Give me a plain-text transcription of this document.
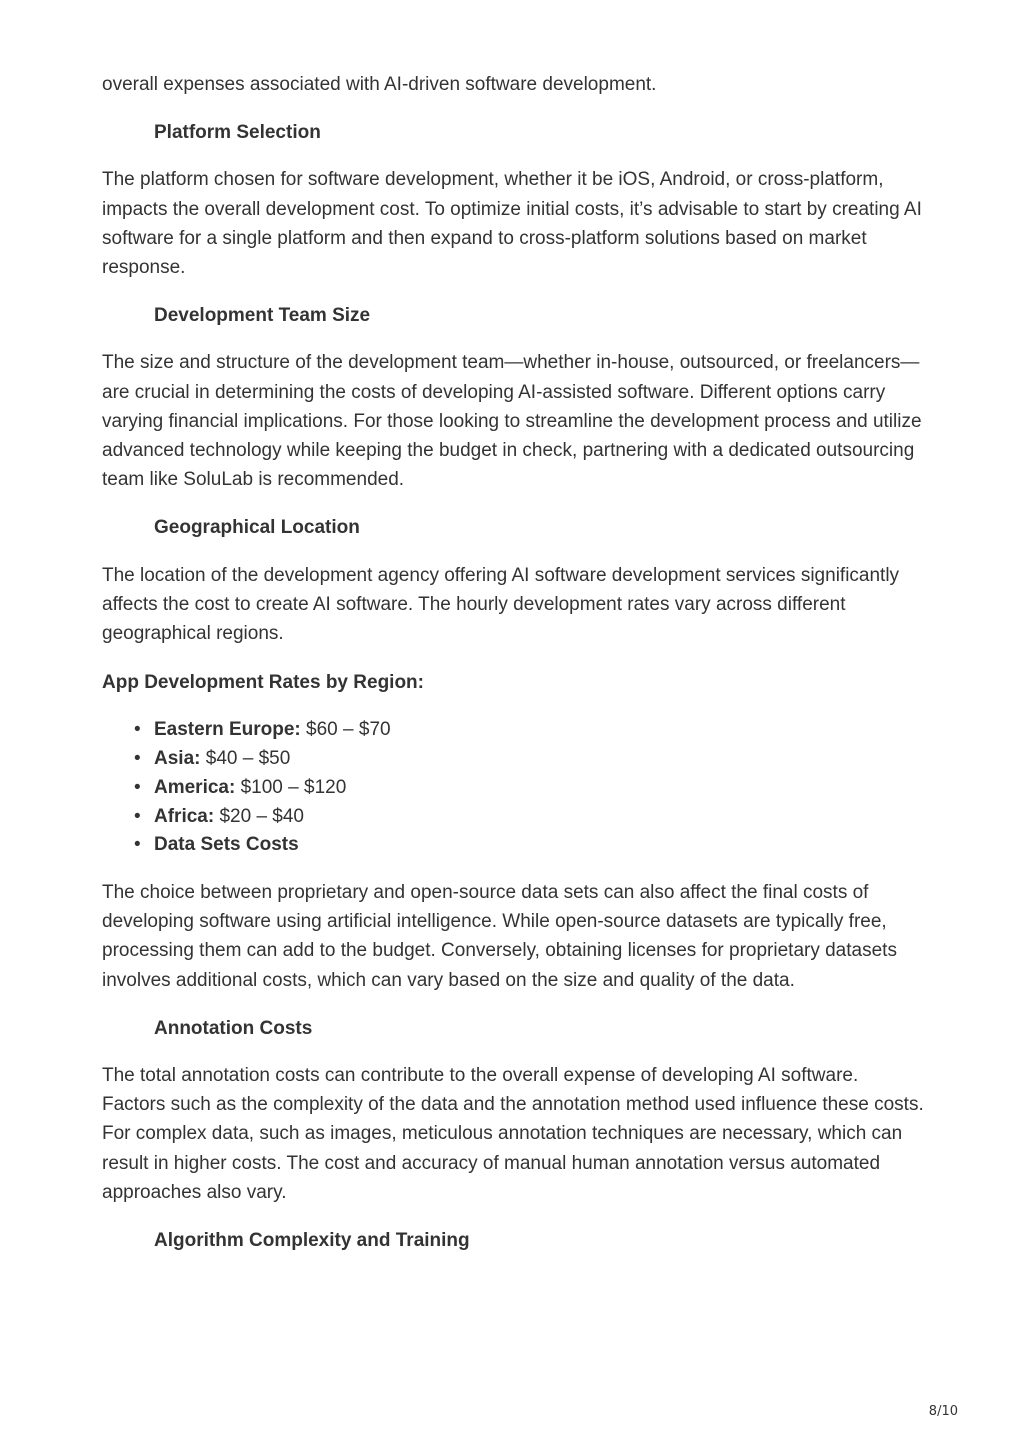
overall expenses associated with AI-driven software development.

Platform Selection

The platform chosen for software development, whether it be iOS, Android, or cross-platform, impacts the overall development cost. To optimize initial costs, it’s advisable to start by creating AI software for a single platform and then expand to cross-platform solutions based on market response.

Development Team Size

The size and structure of the development team—whether in-house, outsourced, or freelancers—are crucial in determining the costs of developing AI-assisted software. Different options carry varying financial implications. For those looking to streamline the development process and utilize advanced technology while keeping the budget in check, partnering with a dedicated outsourcing team like SoluLab is recommended.

Geographical Location

The location of the development agency offering AI software development services significantly affects the cost to create AI software. The hourly development rates vary across different geographical regions.

App Development Rates by Region:

• Eastern Europe: $60 – $70
• Asia: $40 – $50
• America: $100 – $120
• Africa: $20 – $40
• Data Sets Costs

The choice between proprietary and open-source data sets can also affect the final costs of developing software using artificial intelligence. While open-source datasets are typically free, processing them can add to the budget. Conversely, obtaining licenses for proprietary datasets involves additional costs, which can vary based on the size and quality of the data.

Annotation Costs

The total annotation costs can contribute to the overall expense of developing AI software. Factors such as the complexity of the data and the annotation method used influence these costs. For complex data, such as images, meticulous annotation techniques are necessary, which can result in higher costs. The cost and accuracy of manual human annotation versus automated approaches also vary.

Algorithm Complexity and Training

8/10
